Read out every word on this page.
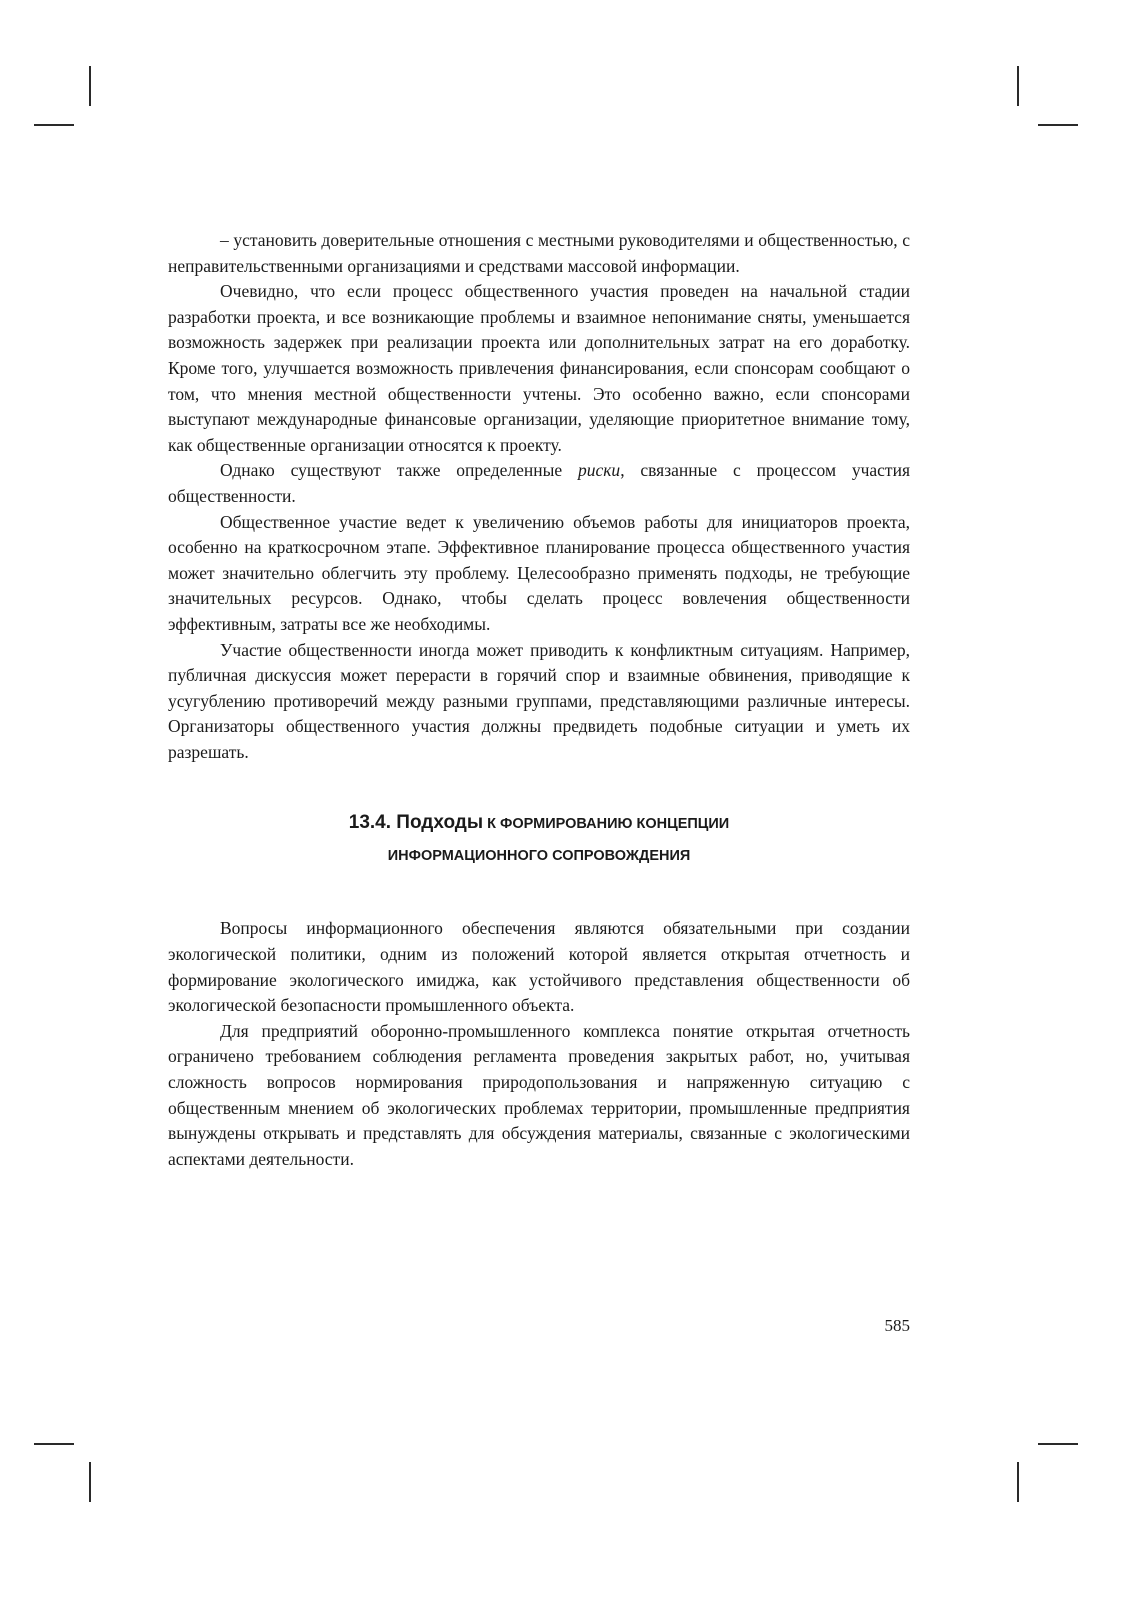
– установить доверительные отношения с местными руководителями и общественностью, с неправительственными организациями и средствами массовой информации.

Очевидно, что если процесс общественного участия проведен на начальной стадии разработки проекта, и все возникающие проблемы и взаимное непонимание сняты, уменьшается возможность задержек при реализации проекта или дополнительных затрат на его доработку. Кроме того, улучшается возможность привлечения финансирования, если спонсорам сообщают о том, что мнения местной общественности учтены. Это особенно важно, если спонсорами выступают международные финансовые организации, уделяющие приоритетное внимание тому, как общественные организации относятся к проекту.

Однако существуют также определенные риски, связанные с процессом участия общественности.

Общественное участие ведет к увеличению объемов работы для инициаторов проекта, особенно на краткосрочном этапе. Эффективное планирование процесса общественного участия может значительно облегчить эту проблему. Целесообразно применять подходы, не требующие значительных ресурсов. Однако, чтобы сделать процесс вовлечения общественности эффективным, затраты все же необходимы.

Участие общественности иногда может приводить к конфликтным ситуациям. Например, публичная дискуссия может перерасти в горячий спор и взаимные обвинения, приводящие к усугублению противоречий между разными группами, представляющими различные интересы. Организаторы общественного участия должны предвидеть подобные ситуации и уметь их разрешать.

13.4. Подходы К ФОРМИРОВАНИЮ КОНЦЕПЦИИ
ИНФОРМАЦИОННОГО СОПРОВОЖДЕНИЯ

Вопросы информационного обеспечения являются обязательными при создании экологической политики, одним из положений которой является открытая отчетность и формирование экологического имиджа, как устойчивого представления общественности об экологической безопасности промышленного объекта.

Для предприятий оборонно-промышленного комплекса понятие открытая отчетность ограничено требованием соблюдения регламента проведения закрытых работ, но, учитывая сложность вопросов нормирования природопользования и напряженную ситуацию с общественным мнением об экологических проблемах территории, промышленные предприятия вынуждены открывать и представлять для обсуждения материалы, связанные с экологическими аспектами деятельности.

585
